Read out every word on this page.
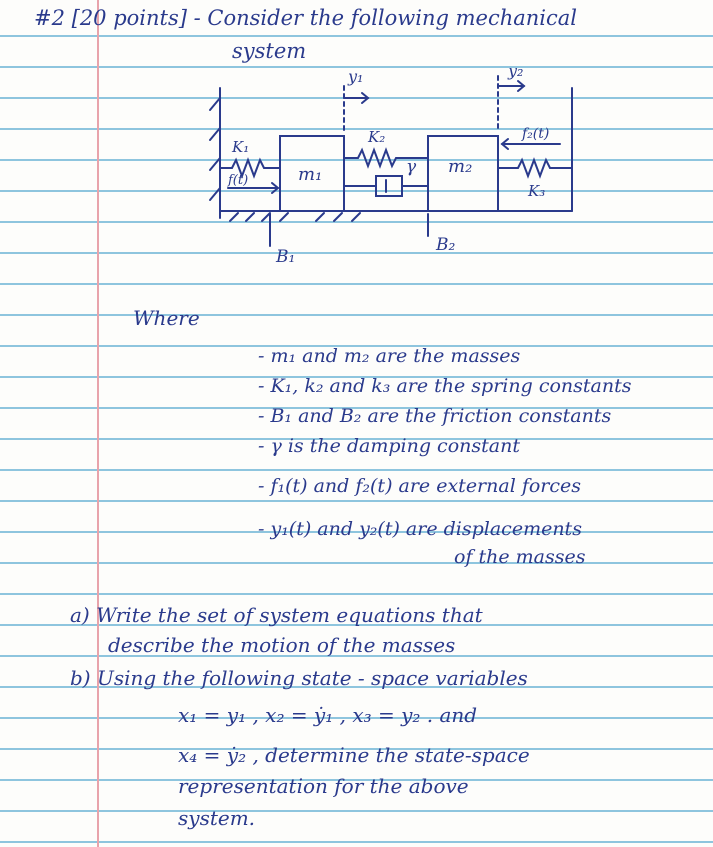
#2 [20 points] - Consider the following mechanical
system
y₁	y₂
K₁
K₂
K₃
m₁	m₂
γ
f(t)
f₂(t)
B₁
B₂
Where
- m₁ and m₂ are the masses
- K₁, k₂ and k₃ are the spring constants
- B₁ and B₂ are the friction constants
- γ is the damping constant
- f₁(t) and f₂(t) are external forces
- y₁(t) and y₂(t) are displacements
of the masses
a) Write the set of system equations that
describe the motion of the masses
b) Using the following state - space variables
x₁ = y₁ , x₂ = ẏ₁ , x₃ = y₂ . and
x₄ = ẏ₂ , determine the state-space
representation for the above
system.
